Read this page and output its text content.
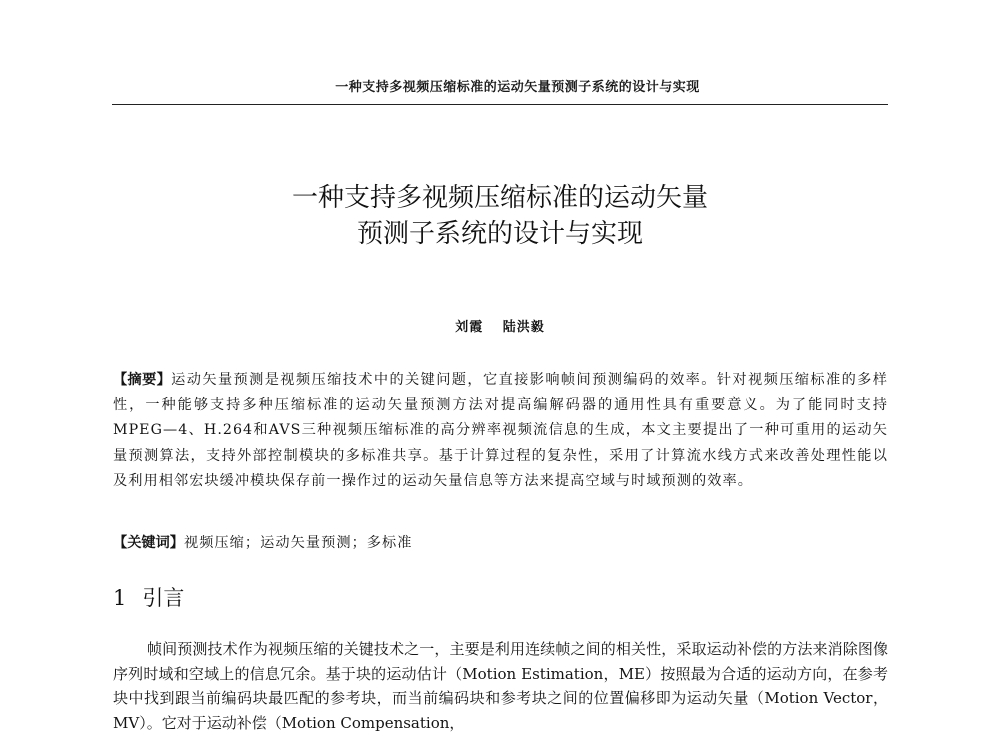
一种支持多视频压缩标准的运动矢量预测子系统的设计与实现
一种支持多视频压缩标准的运动矢量
预测子系统的设计与实现
刘霞 陆洪毅
【摘要】运动矢量预测是视频压缩技术中的关键问题，它直接影响帧间预测编码的效率。针对视频压缩标准的多样性，一种能够支持多种压缩标准的运动矢量预测方法对提高编解码器的通用性具有重要意义。为了能同时支持MPEG—4、H.264和AVS三种视频压缩标准的高分辨率视频流信息的生成，本文主要提出了一种可重用的运动矢量预测算法，支持外部控制模块的多标准共享。基于计算过程的复杂性，采用了计算流水线方式来改善处理性能以及利用相邻宏块缓冲模块保存前一操作过的运动矢量信息等方法来提高空域与时域预测的效率。
【关键词】视频压缩；运动矢量预测；多标准
1 引言
帧间预测技术作为视频压缩的关键技术之一，主要是利用连续帧之间的相关性，采取运动补偿的方法来消除图像序列时域和空域上的信息冗余。基于块的运动估计（Motion Estimation，ME）按照最为合适的运动方向，在参考块中找到跟当前编码块最匹配的参考块，而当前编码块和参考块之间的位置偏移即为运动矢量（Motion Vector，MV）。它对于运动补偿（Motion Compensation，
